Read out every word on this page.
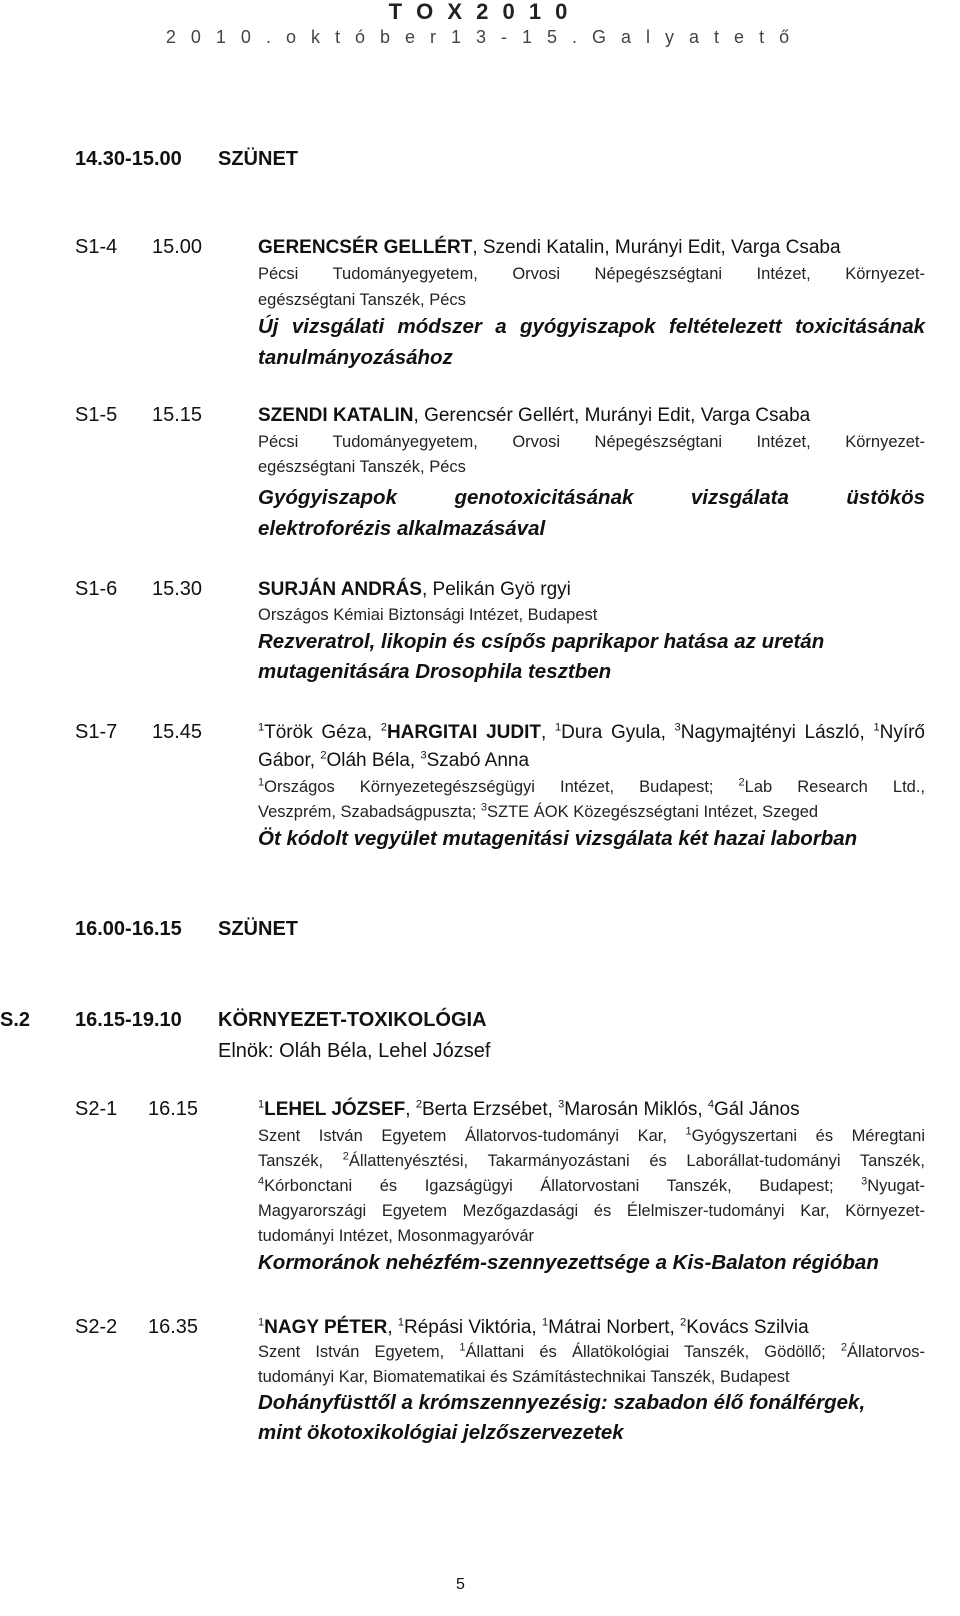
T O X 2 0 1 0
2 0 1 0 . o k t ó b e r 1 3 - 1 5 . G a l y a t e t ő
14.30-15.00 SZÜNET
S1-4 15.00	GERENCSÉR GELLÉRT, Szendi Katalin, Murányi Edit, Varga Csaba
Pécsi Tudományegyetem, Orvosi Népegészségtani Intézet, Környezet-
egészségtani Tanszék, Pécs
Új vizsgálati módszer a gyógyiszapok feltételezett toxicitásának
tanulmányozásához
S1-5 15.15	SZENDI KATALIN, Gerencsér Gellért, Murányi Edit, Varga Csaba
Pécsi Tudományegyetem, Orvosi Népegészségtani Intézet, Környezet-
egészségtani Tanszék, Pécs
Gyógyiszapok genotoxicitásának vizsgálata üstökös
elektroforézis alkalmazásával
S1-6 15.30	SURJÁN ANDRÁS, Pelikán Gyö rgyi
Országos Kémiai Biztonsági Intézet, Budapest
Rezveratrol, likopin és csípős paprikapor hatása az uretán
mutagenitására Drosophila tesztben
S1-7 15.45	$^1$Török Géza, $^2$HARGITAI JUDIT, $^1$Dura Gyula, $^3$Nagymajtényi László, $^1$Nyírő
Gábor, $^2$Oláh Béla, $^3$Szabó Anna
$^1$Országos Környezetegészségügyi Intézet, Budapest; $^2$Lab Research Ltd.,
Veszprém, Szabadságpuszta; $^3$SZTE ÁOK Közegészségtani Intézet, Szeged
Öt kódolt vegyület mutagenitási vizsgálata két hazai laborban
16.00-16.15 SZÜNET
S.2 16.15-19.10 KÖRNYEZET-TOXIKOLÓGIA
Elnök: Oláh Béla, Lehel József
S2-1 16.15	$^1$LEHEL JÓZSEF, $^2$Berta Erzsébet, $^3$Marosán Miklós, $^4$Gál János
Szent István Egyetem Állatorvos-tudományi Kar, $^1$Gyógyszertani és Méregtani
Tanszék, $^2$Állattenyésztési, Takarmányozástani és Laborállat-tudományi Tanszék,
$^4$Kórbonctani és Igazságügyi Állatorvostani Tanszék, Budapest; $^3$Nyugat-
Magyarországi Egyetem Mezőgazdasági és Élelmiszer-tudományi Kar, Környezet-
tudományi Intézet, Mosonmagyaróvár
Kormoránok nehézfém-szennyezettsége a Kis-Balaton régióban
S2-2 16.35	$^1$NAGY PÉTER, $^1$Répási Viktória, $^1$Mátrai Norbert, $^2$Kovács Szilvia
Szent István Egyetem, $^1$Állattani és Állatökológiai Tanszék, Gödöllő; $^2$Állatorvos-
tudományi Kar, Biomatematikai és Számítástechnikai Tanszék, Budapest
Dohányfüsttől a krómszennyezésig: szabadon élő fonálférgek,
mint ökotoxikológiai jelzőszervezetek
5
